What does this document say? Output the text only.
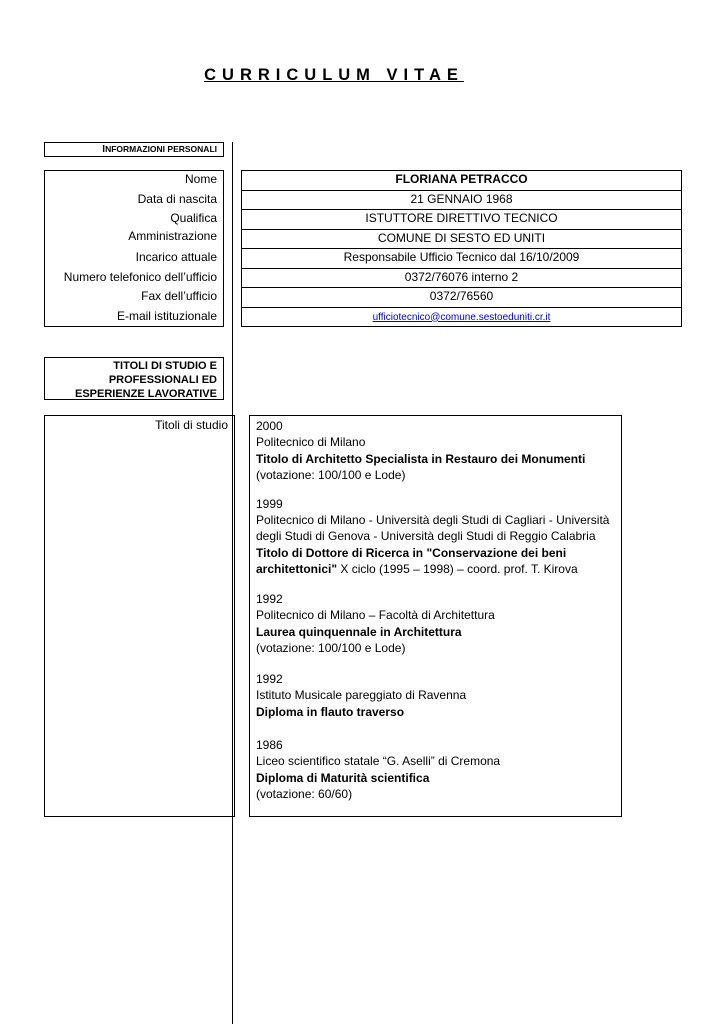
CURRICULUM VITAE
INFORMAZIONI PERSONALI
Nome	FLORIANA PETRACCO
Data di nascita	21 GENNAIO 1968
Qualifica	ISTUTTORE DIRETTIVO TECNICO
Amministrazione	COMUNE DI SESTO ED UNITI
Incarico attuale	Responsabile Ufficio Tecnico dal 16/10/2009
Numero telefonico dell’ufficio	0372/76076 interno 2
Fax dell’ufficio	0372/76560
E-mail istituzionale	ufficiotecnico@comune.sestoeduniti.cr.it
TITOLI DI STUDIO E
PROFESSIONALI ED
ESPERIENZE LAVORATIVE
Titoli di studio	2000
Politecnico di Milano
Titolo di Architetto Specialista in Restauro dei Monumenti
(votazione: 100/100 e Lode)
1999
Politecnico di Milano - Università degli Studi di Cagliari - Università degli Studi di Genova - Università degli Studi di Reggio Calabria
Titolo di Dottore di Ricerca in "Conservazione dei beni architettonici" X ciclo (1995 – 1998) – coord. prof. T. Kirova
1992
Politecnico di Milano – Facoltà di Architettura
Laurea quinquennale in Architettura
(votazione: 100/100 e Lode)
1992
Istituto Musicale pareggiato di Ravenna
Diploma in flauto traverso
1986
Liceo scientifico statale “G. Aselli” di Cremona
Diploma di Maturità scientifica
(votazione: 60/60)
